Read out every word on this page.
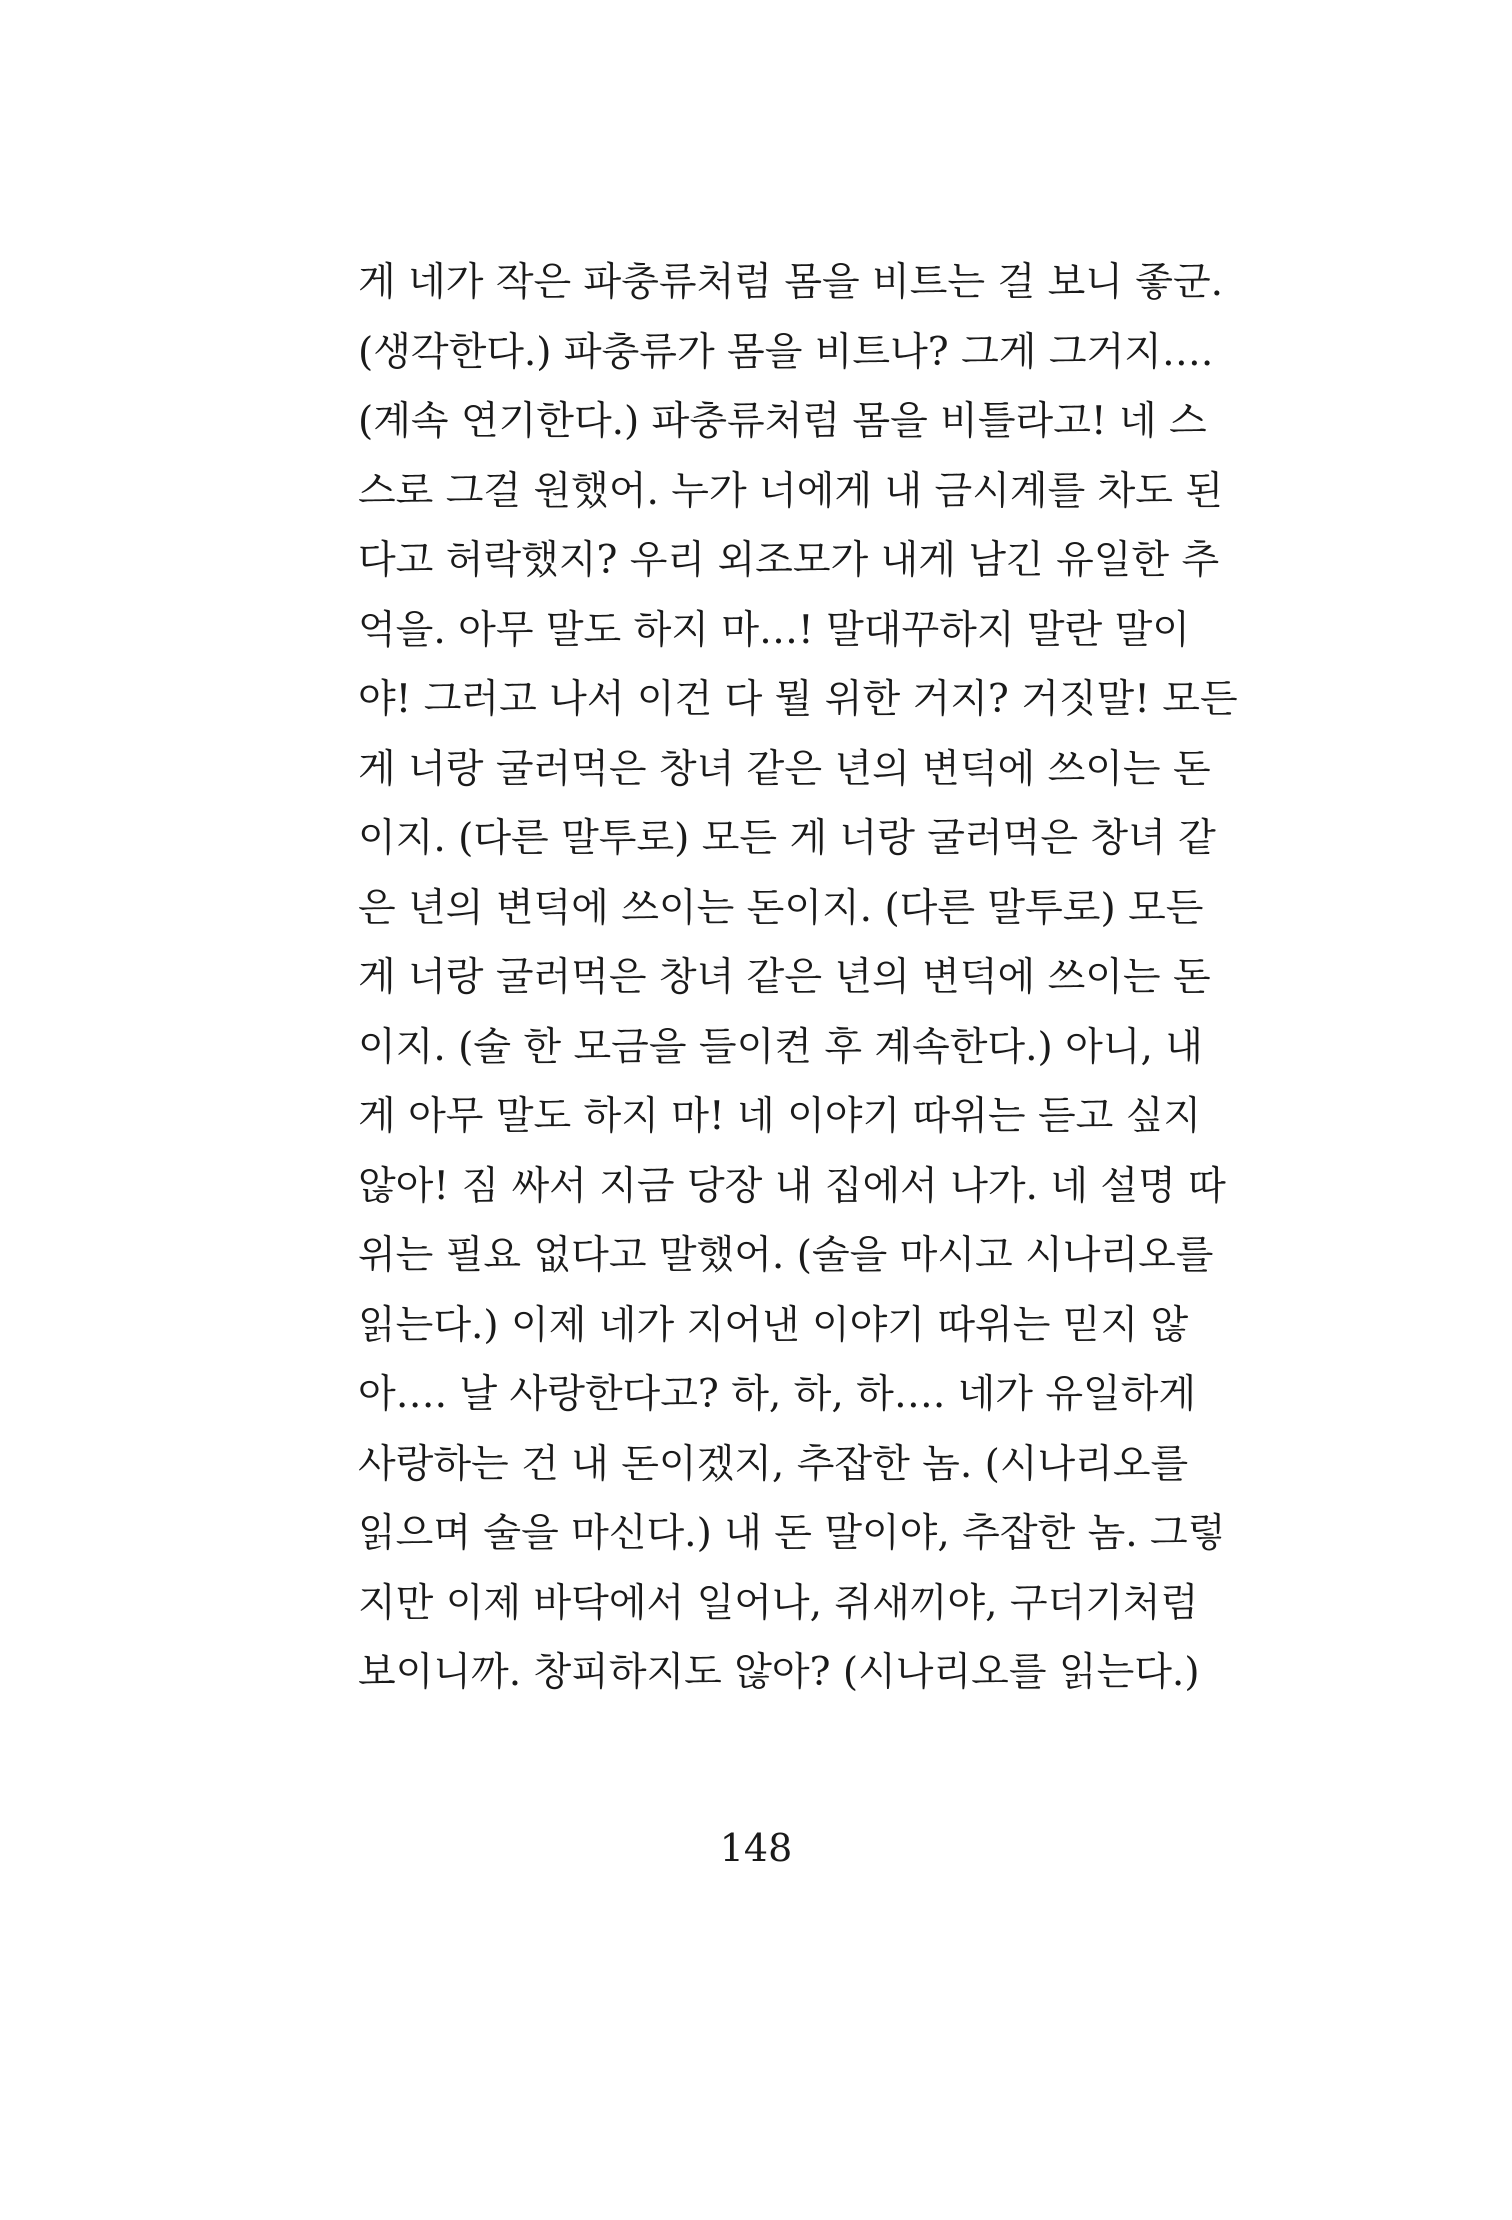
게 네가 작은 파충류처럼 몸을 비트는 걸 보니 좋군.
(생각한다.) 파충류가 몸을 비트나? 그게 그거지….
(계속 연기한다.) 파충류처럼 몸을 비틀라고! 네 스
스로 그걸 원했어. 누가 너에게 내 금시계를 차도 된
다고 허락했지? 우리 외조모가 내게 남긴 유일한 추
억을. 아무 말도 하지 마…! 말대꾸하지 말란 말이
야! 그러고 나서 이건 다 뭘 위한 거지? 거짓말! 모든
게 너랑 굴러먹은 창녀 같은 년의 변덕에 쓰이는 돈
이지. (다른 말투로) 모든 게 너랑 굴러먹은 창녀 같
은 년의 변덕에 쓰이는 돈이지. (다른 말투로) 모든
게 너랑 굴러먹은 창녀 같은 년의 변덕에 쓰이는 돈
이지. (술 한 모금을 들이켠 후 계속한다.) 아니, 내
게 아무 말도 하지 마! 네 이야기 따위는 듣고 싶지
않아! 짐 싸서 지금 당장 내 집에서 나가. 네 설명 따
위는 필요 없다고 말했어. (술을 마시고 시나리오를
읽는다.) 이제 네가 지어낸 이야기 따위는 믿지 않
아…. 날 사랑한다고? 하, 하, 하…. 네가 유일하게
사랑하는 건 내 돈이겠지, 추잡한 놈. (시나리오를
읽으며 술을 마신다.) 내 돈 말이야, 추잡한 놈. 그렇
지만 이제 바닥에서 일어나, 쥐새끼야, 구더기처럼
보이니까. 창피하지도 않아? (시나리오를 읽는다.)
148
